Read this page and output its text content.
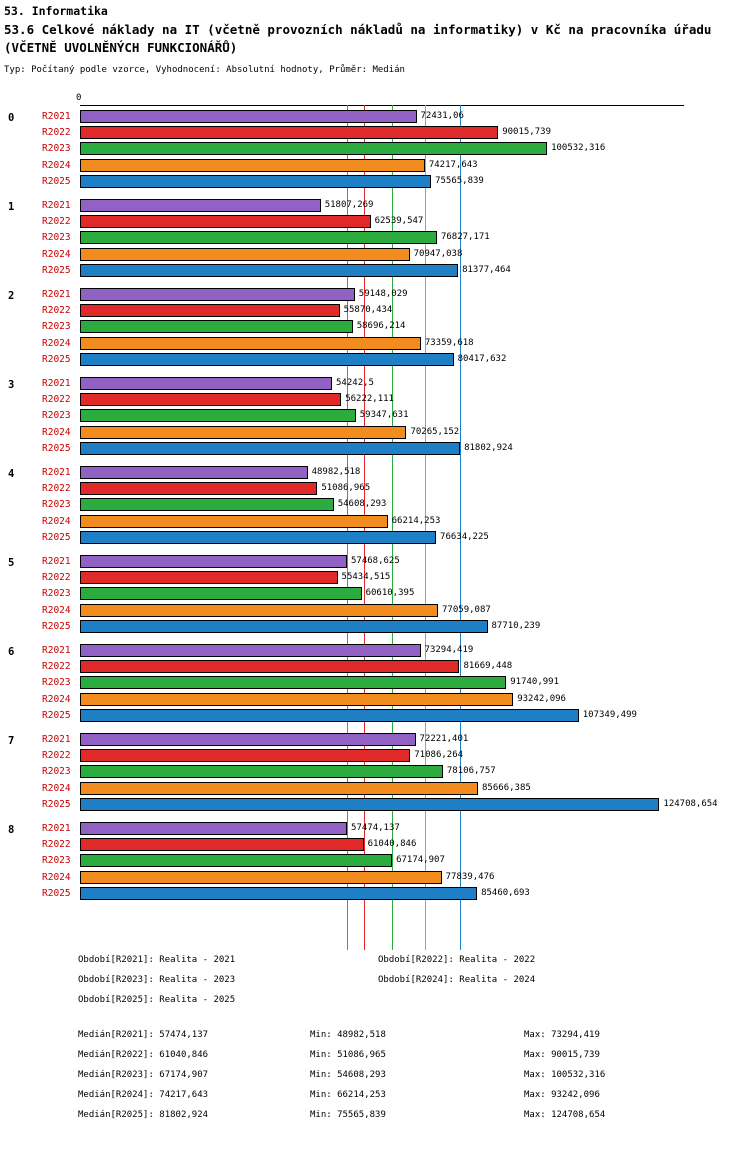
53. Informatika
53.6 Celkové náklady na IT (včetně provozních nákladů na informatiky) v Kč na pracovníka úřadu (VČETNĚ UVOLNĚNÝCH FUNKCIONÁŘŮ)
Typ: Počítaný podle vzorce, Vyhodnocení: Absolutní hodnoty, Průměr: Medián
0
0	R2021	72431,06
R2022	90015,739
R2023	100532,316
R2024	74217,643
R2025	75565,839
1	R2021	51807,269
R2022	62539,547
R2023	76827,171
R2024	70947,038
R2025	81377,464
2	R2021	59148,029
R2022	55870,434
R2023	58696,214
R2024	73359,618
R2025	80417,632
3	R2021	54242,5
R2022	56222,111
R2023	59347,631
R2024	70265,152
R2025	81802,924
4	R2021	48982,518
R2022	51086,965
R2023	54608,293
R2024	66214,253
R2025	76634,225
5	R2021	57468,625
R2022	55434,515
R2023	60610,395
R2024	77059,087
R2025	87710,239
6	R2021	73294,419
R2022	81669,448
R2023	91740,991
R2024	93242,096
R2025	107349,499
7	R2021	72221,401
R2022	71086,264
R2023	78106,757
R2024	85666,385
R2025	124708,654
8	R2021	57474,137
R2022	61040,846
R2023	67174,907
R2024	77839,476
R2025	85460,693
Období[R2021]: Realita - 2021	Období[R2022]: Realita - 2022
Období[R2023]: Realita - 2023	Období[R2024]: Realita - 2024
Období[R2025]: Realita - 2025
Medián[R2021]: 57474,137	Min: 48982,518	Max: 73294,419
Medián[R2022]: 61040,846	Min: 51086,965	Max: 90015,739
Medián[R2023]: 67174,907	Min: 54608,293	Max: 100532,316
Medián[R2024]: 74217,643	Min: 66214,253	Max: 93242,096
Medián[R2025]: 81802,924	Min: 75565,839	Max: 124708,654
